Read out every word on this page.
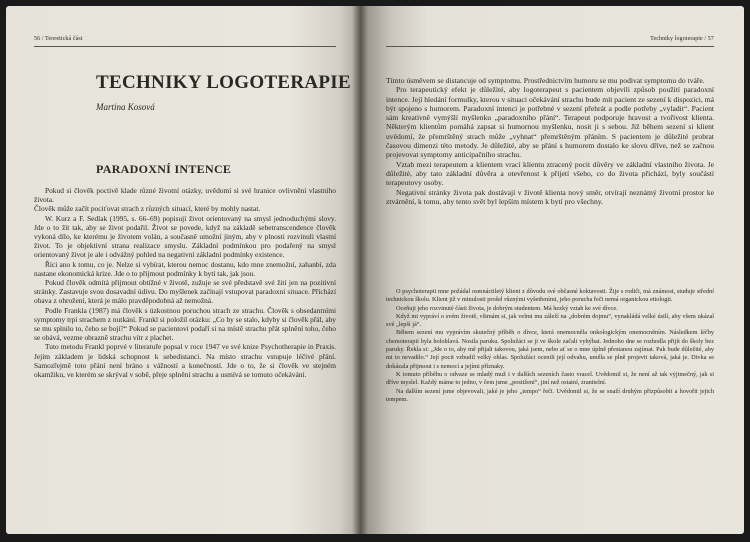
56 / Teoretická část
TECHNIKY LOGOTERAPIE
Martina Kosová
PARADOXNÍ INTENCE

Pokud si člověk poctivě klade různé životní otázky, uvědomí si své hranice ovlivnění vlastního života.

Člověk může začít pociťovat strach z různých situací, které by mohly nastat.

W. Kurz a F. Sedlak (1995, s. 66–69) popisují život orientovaný na smysl jednoduchými slovy. Jde o to žít tak, aby se život podařil. Život se povede, když na základě sebetranscendence člověk vykoná dílo, ke kterému je životem volán, a současně umožní jiným, aby v plnosti rozvinuli vlastní život. To je objektivní strana realizace smyslu. Základní podmínkou pro podařený na smysl orientovaný život je ale i odvážný pohled na negativní základní podmínky existence.

Říci ano k tomu, co je. Nelze si vybírat, kterou nemoc dostanu, kdo mne znemožní, zahanbí, zda nastane ekonomická krize. Jde o to přijmout podmínky k bytí tak, jak jsou.

Pokud člověk odmítá přijmout obtížné v životě, zužuje se své představě své žití jen na pozitivní stránky. Zastavuje svou dosavadní údivu. Do myšlenek začínají vstupovat paradoxní situace. Přichází obava z ohrožení, která je málo pravděpodobná až nemožná.

Podle Frankla (1987) má člověk s úzkostnou poruchou strach ze strachu. Člověk s obsedantními symptomy trpí strachem z nutkání. Frankl si položil otázku: „Co by se stalo, kdyby si člověk přál, aby se mu splnilo to, čeho se bojí?“ Pokud se pacientovi podaří si na místě strachu přát splnění toho, čeho se obává, vezme obrazně strachu vítr z plachet.

Tuto metodu Frankl poprvé v literatuře popsal v roce 1947 ve své knize Psychotherapie in Praxis. Jejím základem je lidská schopnost k sebedistanci. Na místo strachu vstupuje léčivé přání. Samozřejmě toto přání není bráno s vážností a konečností. Jde o to, že si člověk ve stejném okamžiku, ve kterém se skrýval v sobě, přeje splnění strachu a usmívá se tomuto očekávání.

Techniky logoterapie / 57

Tímto úsměvem se distancuje od symptomu. Prostřednictvím humoru se mu podivat symptomu do tváře.

Pro terapeutický efekt je důležité, aby logoterapeut s pacientem objevili způsob použití paradoxní intence. Její hledání formulky, kterou v situaci očekávání strachu bude mít pacient ze sezení k dispozici, má být spojeno s humorem. Paradoxní intenci je potřebné v sezení přehrát a podle potřeby „vyladit“. Pacient sám kreativně vymýšlí myšlenku „paradoxního přání“. Terapeut podporuje hravost a tvořivost klienta. Některým klientům pomáhá zapsat si humornou myšlenku, nosit ji s sebou. Již během sezení si klient uvědomí, že přemrštěný strach může „vyhnat“ přemrštěným přáním. S pacientem je důležité probrat časovou dimenzi této metody. Je důležité, aby se přání s humorem dostalo ke slovu dříve, než se začnou projevovat symptomy anticipačního strachu.

Vztah mezi terapeutem a klientem vrací klientu ztracený pocit důvěry ve základní vlastního života. Je důležité, aby tato základní důvěra a otevřenost k přijetí všeho, co do života přichází, byly součástí terapeutovy osoby.

Negativní stránky života pak dostávají v životě klienta nový směr, otvírají neznámý životní prostor ke ztvárnění, k tomu, aby tento svět byl lepším místem k bytí pro všechny.

O psychoterapii mne požádal osmnáctiletý klient z důvodu své občasné koktavosti. Žije s rodiči, má známost, studuje střední technickou školu. Klient již v minulosti prošel různými vyšetřeními, jeho porucha řeči nemá organickou etiologii.

Oceňuji jeho rozvinuté části života, je dobrým studentem. Má hezký vztah ke své dívce.

Když mi vypráví o svém životě, všimám si, jak velmi mu záleží na „dobrém dojmu“, vynakládá velké úsilí, aby všem ukázal své „lepší já“.

Během sezení mu vyprávím skutečný příběh o dívce, která onemocněla onkologickým onemocněním. Následkem léčby chemoterapií byla holohlavá. Nosila paruku. Spolužáci se ji ve škole začali vyhýbat. Jednoho dne se rozhodla přijít do školy bez paruky. Řekla si: „Jde o to, aby mě přijali takovou, jaká jsem, nebo ať se o mne úplně přestanou zajímat. Pak bude důležité, aby mi to nevadilo.“ Její pocit vzbudil velký ohlas. Spolužáci ocenili její odvahu, uměla se plně projevit taková, jaká je. Divka se dokázala přijmout i s nemocí a jejími příznaky.

K tomuto příběhu o odvaze se mladý muž i v dalších sezeních často vracel. Uvědomil si, že není až tak výjimečný, jak si dříve myslel. Každý máme to jedno, v čem jsme „postižení“, jiní než ostatní, zranitelní.

Na dalším sezení jsme objevovali, jaké je jeho „tempo“ řeči. Uvědomil si, že se snaží druhým přizpůsobit a hovořit jejich tempem.
